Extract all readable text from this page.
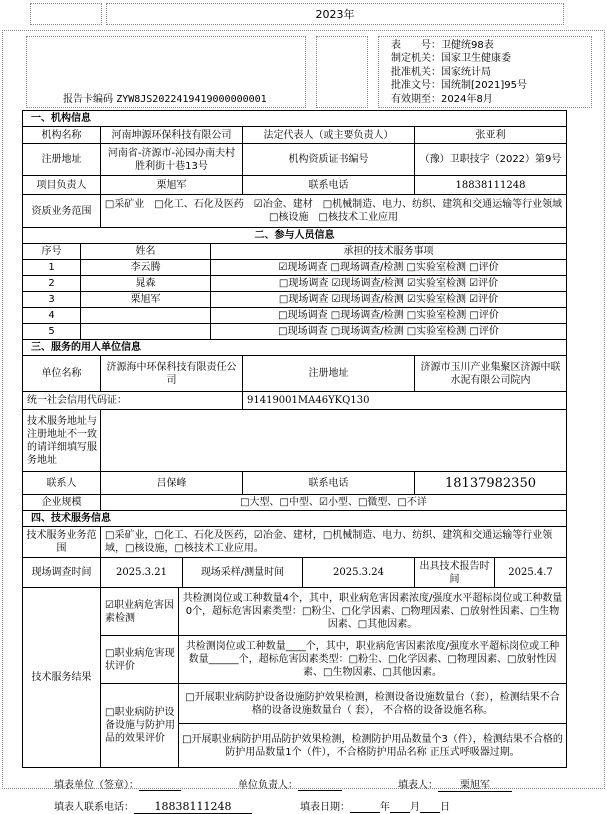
2023年
报告卡编码 ZYW8JS2022419419000000001
表　　号：卫健统98表
制定机关：国家卫生健康委
批准机关：国家统计局
批准文号：国统制[2021]95号
有效期至：2024年8月
一、机构信息			
机构名称	河南坤源环保科技有限公司	法定代表人（或主要负责人）	张亚利
注册地址	河南省-济源市-沁园办南夫村胜利街十巷13号	机构资质证书编号	（豫）卫职技字（2022）第9号
项目负责人	栗旭军	联系电话	18838111248
资质业务范围	□采矿业　□化工、石化及医药　☑冶金、建材　□机械制造、电力、纺织、建筑和交通运输等行业领域　□核设施　□核技术工业应用		
二、参与人员信息		
序号	姓名	承担的技术服务事项
1	李云腾	☑现场调查 □现场调查/检测 □实验室检测 □评价
2	晁森	□现场调查 ☑现场调查/检测 ☑实验室检测 ☑评价
3	栗旭军	□现场调查 ☑现场调查/检测 ☑实验室检测 ☑评价
4		□现场调查 □现场调查/检测 □实验室检测 □评价
5		□现场调查 □现场调查/检测 □实验室检测 □评价
三、服务的用人单位信息			
单位名称	济源海中环保科技有限责任公司	注册地址	济源市玉川产业集聚区济源中联水泥有限公司院内
统一社会信用代码证：		91419001MA46YKQ130	
技术服务地址与注册地址不一致的请详细填写服务地址			
联系人	吕保峰	联系电话	18137982350
企业规模	□大型、□中型、☑小型、□微型、□不详		
四、技术服务信息
技术服务业务范围	□采矿业，□化工、石化及医药，☑冶金、建材，□机械制造、电力、纺织、建筑和交通运输等行业领域，□核设施，□核技术工业应用。
现场调查时间	2025.3.21	现场采样/测量时间	2025.3.24	出具技术报告时间	2025.4.7
技术服务结果	☑职业病危害因素检测	共检测岗位或工种数量4个，其中，职业病危害因素浓度/强度水平超标岗位或工种数量0个，超标危害因素类型：□粉尘、□化学因素、□物理因素、□放射性因素、□生物因素、□其他因素。
	□职业病危害现状评价	共检测岗位或工种数量____个，其中，职业病危害因素浓度/强度水平超标岗位或工种数量______个，超标危害因素类型：□粉尘、□化学因素、□物理因素、□放射性因素、□生物因素、□其他因素。
	□职业病防护设备设施与防护用品的效果评价	□开展职业病防护设备设施防护效果检测，检测设备设施数量台（套），检测结果不合格的设备设施数量台（ 套）， 不合格的设备设施名称。
		□开展职业病防护用品防护效果检测，检测防护用品数量个3（件），检测结果不合格的防护用品数量1个（件），不合格防护用品名称 正压式呼吸器过期。
填表单位（签章）：	单位负责人：	填表人： 栗旭军
填表人联系电话： 18838111248	填表日期：	年 月 日
